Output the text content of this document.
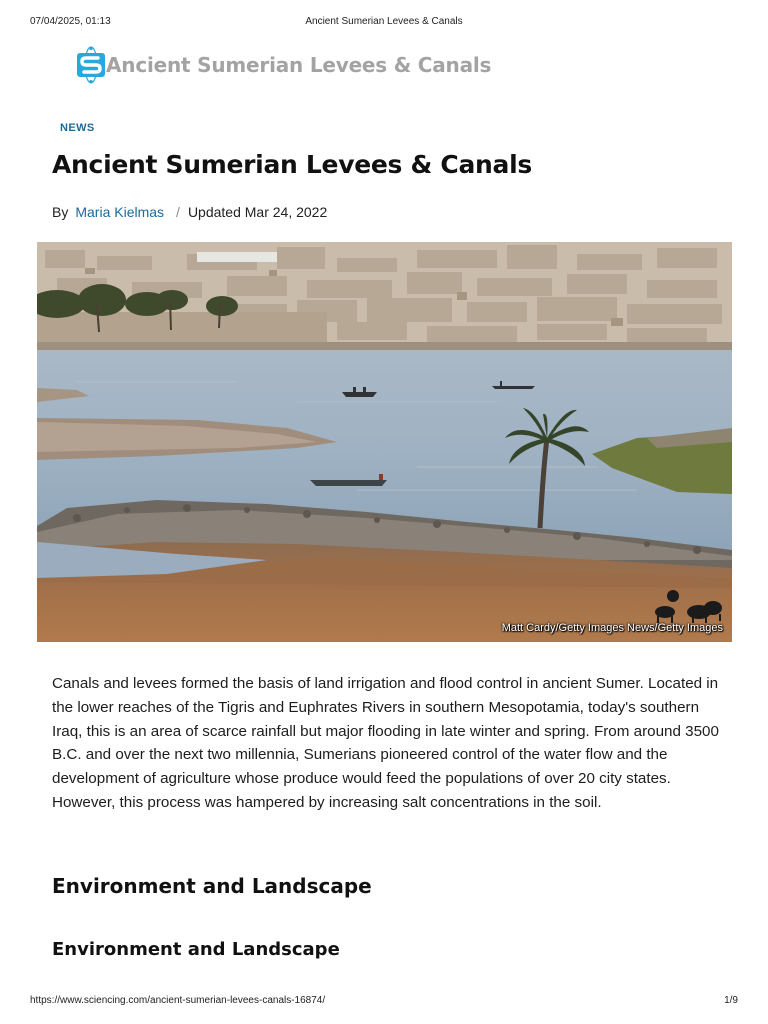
07/04/2025, 01:13	Ancient Sumerian Levees & Canals
Ancient Sumerian Levees & Canals
NEWS
Ancient Sumerian Levees & Canals
By Maria Kielmas / Updated Mar 24, 2022
Matt Cardy/Getty Images News/Getty Images

Canals and levees formed the basis of land irrigation and flood control in ancient Sumer. Located in the lower reaches of the Tigris and Euphrates Rivers in southern Mesopotamia, today's southern Iraq, this is an area of scarce rainfall but major flooding in late winter and spring. From around 3500 B.C. and over the next two millennia, Sumerians pioneered control of the water flow and the development of agriculture whose produce would feed the populations of over 20 city states. However, this process was hampered by increasing salt concentrations in the soil.

Environment and Landscape
Environment and Landscape
https://www.sciencing.com/ancient-sumerian-levees-canals-16874/	1/9
